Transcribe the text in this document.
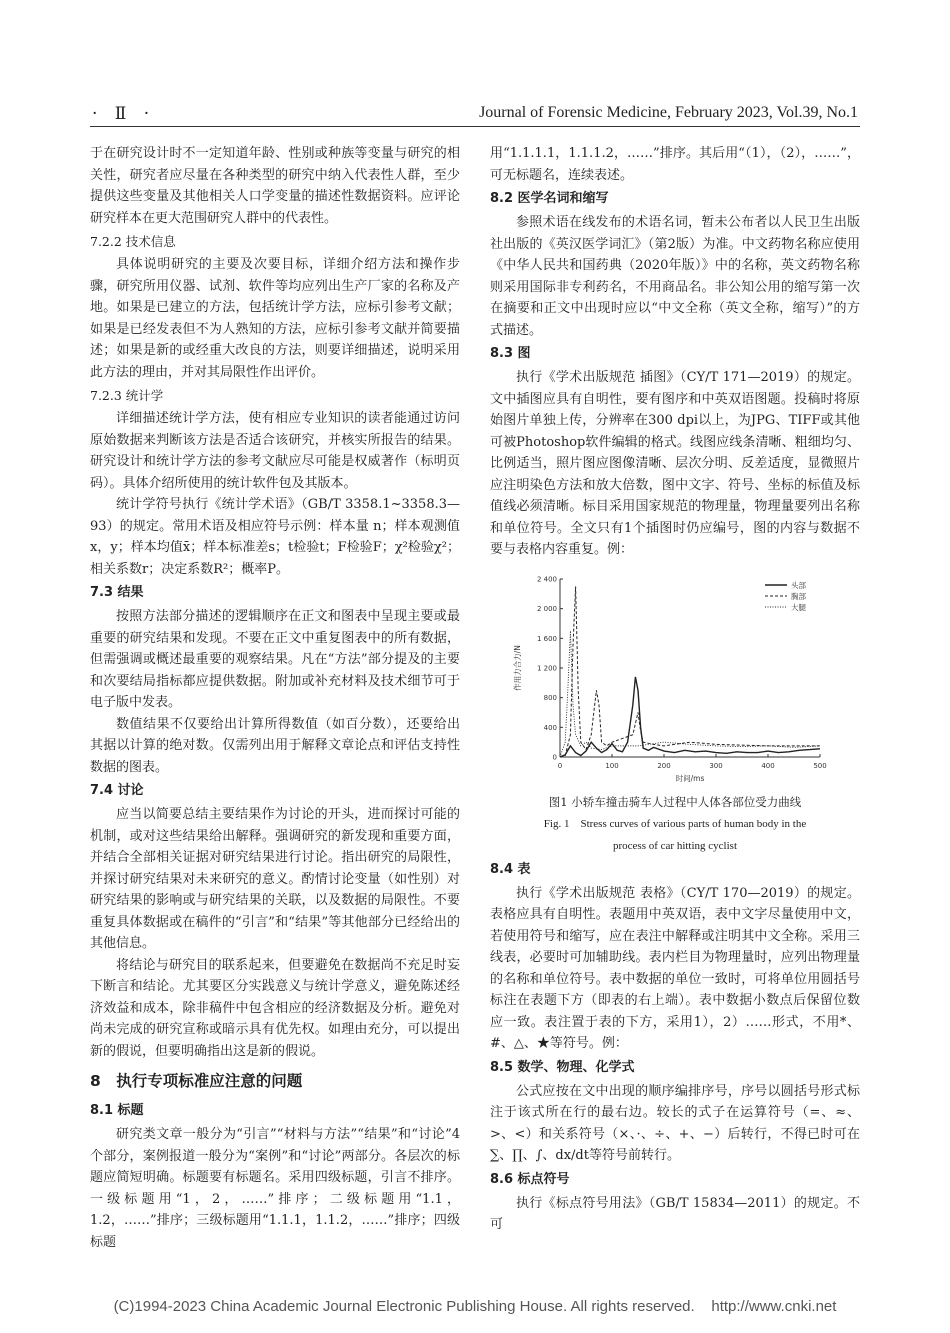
· Ⅱ ·	Journal of Forensic Medicine, February 2023, Vol.39, No.1

于在研究设计时不一定知道年龄、性别或种族等变量与研究的相关性，研究者应尽量在各种类型的研究中纳入代表性人群，至少提供这些变量及其他相关人口学变量的描述性数据资料。应评论研究样本在更大范围研究人群中的代表性。

7.2.2 技术信息

具体说明研究的主要及次要目标，详细介绍方法和操作步骤，研究所用仪器、试剂、软件等均应列出生产厂家的名称及产地。如果是已建立的方法，包括统计学方法，应标引参考文献；如果是已经发表但不为人熟知的方法，应标引参考文献并简要描述；如果是新的或经重大改良的方法，则要详细描述，说明采用此方法的理由，并对其局限性作出评价。

7.2.3 统计学

详细描述统计学方法，使有相应专业知识的读者能通过访问原始数据来判断该方法是否适合该研究，并核实所报告的结果。研究设计和统计学方法的参考文献应尽可能是权威著作（标明页码）。具体介绍所使用的统计软件包及其版本。

统计学符号执行《统计学术语》（GB/T 3358.1~3358.3—93）的规定。常用术语及相应符号示例：样本量 n；样本观测值x，y；样本均值x̄；样本标准差s；t检验t；F检验F；χ²检验χ²；相关系数r；决定系数R²；概率P。

7.3 结果

按照方法部分描述的逻辑顺序在正文和图表中呈现主要或最重要的研究结果和发现。不要在正文中重复图表中的所有数据，但需强调或概述最重要的观察结果。凡在“方法”部分提及的主要和次要结局指标都应提供数据。附加或补充材料及技术细节可于电子版中发表。

数值结果不仅要给出计算所得数值（如百分数），还要给出其据以计算的绝对数。仅需列出用于解释文章论点和评估支持性数据的图表。

7.4 讨论

应当以简要总结主要结果作为讨论的开头，进而探讨可能的机制，或对这些结果给出解释。强调研究的新发现和重要方面，并结合全部相关证据对研究结果进行讨论。指出研究的局限性，并探讨研究结果对未来研究的意义。酌情讨论变量（如性别）对研究结果的影响或与研究结果的关联，以及数据的局限性。不要重复具体数据或在稿件的“引言”和“结果”等其他部分已经给出的其他信息。

将结论与研究目的联系起来，但要避免在数据尚不充足时妄下断言和结论。尤其要区分实践意义与统计学意义，避免陈述经济效益和成本，除非稿件中包含相应的经济数据及分析。避免对尚未完成的研究宣称或暗示具有优先权。如理由充分，可以提出新的假说，但要明确指出这是新的假说。

8　执行专项标准应注意的问题
8.1 标题

研究类文章一般分为“引言”“材料与方法”“结果”和“讨论”4个部分，案例报道一般分为“案例”和“讨论”两部分。各层次的标题应简短明确。标题要有标题名。采用四级标题，引言不排序。一级标题用“1，2，……”排序；二级标题用“1.1，1.2，……”排序；三级标题用“1.1.1，1.1.2，……”排序；四级标题

用“1.1.1.1，1.1.1.2，……”排序。其后用“（1），（2），……”，可无标题名，连续表述。

8.2 医学名词和缩写

参照术语在线发布的术语名词，暂未公布者以人民卫生出版社出版的《英汉医学词汇》（第2版）为准。中文药物名称应使用《中华人民共和国药典（2020年版）》中的名称，英文药物名称则采用国际非专利药名，不用商品名。非公知公用的缩写第一次在摘要和正文中出现时应以“中文全称（英文全称，缩写）”的方式描述。

8.3 图

执行《学术出版规范 插图》（CY/T 171—2019）的规定。文中插图应具有自明性，要有图序和中英双语图题。投稿时将原始图片单独上传，分辨率在300 dpi以上，为JPG、TIFF或其他可被Photoshop软件编辑的格式。线图应线条清晰、粗细均匀、比例适当，照片图应图像清晰、层次分明、反差适度，显微照片应注明染色方法和放大倍数，图中文字、符号、坐标的标值及标值线必须清晰。标目采用国家规范的物理量，物理量要列出名称和单位符号。全文只有1个插图时仍应编号，图的内容与数据不要与表格内容重复。例：

0	100	200	300	400	500
0
400
800
1 200
1 600
2 000
2 400
时间/ms
作用力合力/N
头部
胸部
大腿
图1 小轿车撞击骑车人过程中人体各部位受力曲线
Fig. 1　Stress curves of various parts of human body in the
process of car hitting cyclist
8.4 表

执行《学术出版规范 表格》（CY/T 170—2019）的规定。表格应具有自明性。表题用中英双语，表中文字尽量使用中文，若使用符号和缩写，应在表注中解释或注明其中文全称。采用三线表，必要时可加辅助线。表内栏目为物理量时，应列出物理量的名称和单位符号。表中数据的单位一致时，可将单位用圆括号标注在表题下方（即表的右上端）。表中数据小数点后保留位数应一致。表注置于表的下方，采用1），2）……形式，不用*、#、△、★等符号。例：

8.5 数学、物理、化学式

公式应按在文中出现的顺序编排序号，序号以圆括号形式标注于该式所在行的最右边。较长的式子在运算符号（=、≈、>、<）和关系符号（×、·、÷、+、−）后转行，不得已时可在∑、∏、∫、dx/dt等符号前转行。

8.6 标点符号

执行《标点符号用法》（GB/T 15834—2011）的规定。不可

(C)1994-2023 China Academic Journal Electronic Publishing House. All rights reserved.    http://www.cnki.net
